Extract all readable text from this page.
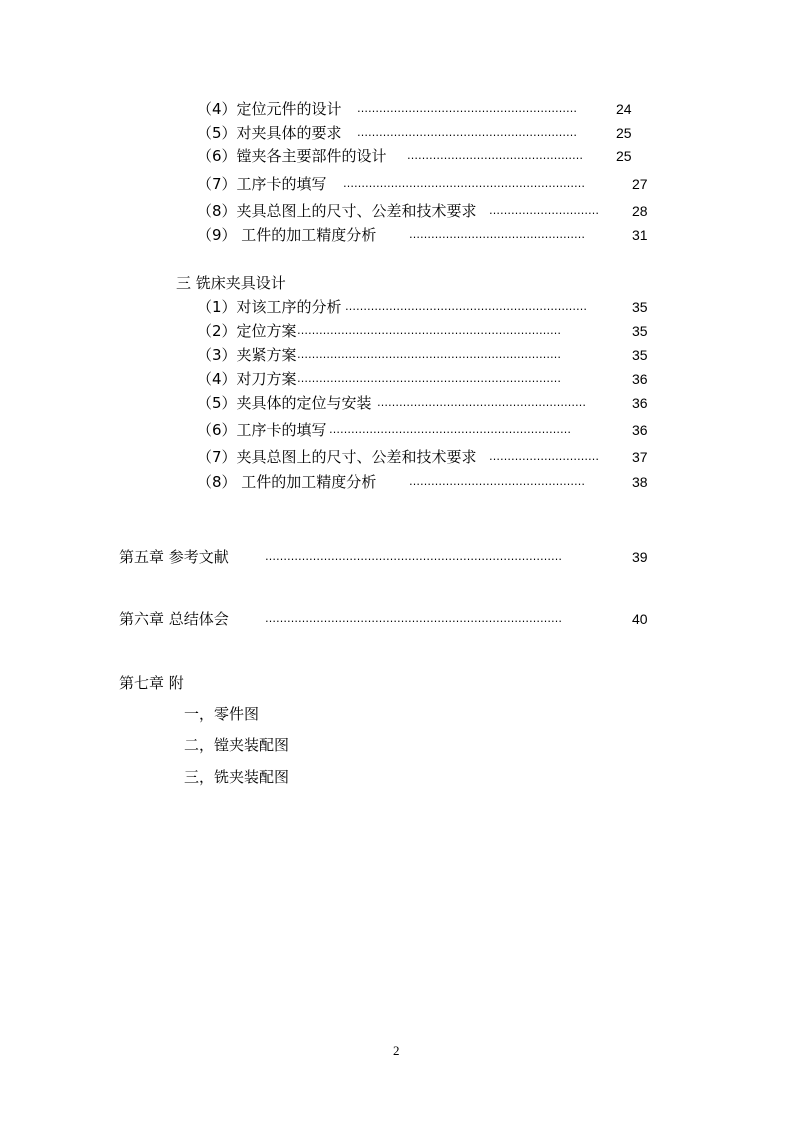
（4）定位元件的设计 ……………………………………………………	24
（5）对夹具体的要求 ……………………………………………………	25
（6）镗夹各主要部件的设计 …………………………………………	25
（7）工序卡的填写 …………………………………………………………	27
（8）夹具总图上的尺寸、公差和技术要求 …………………………	28
（9） 工件的加工精度分析	…………………………………………	31
三 铣床夹具设计
（1）对该工序的分析 …………………………………………………………	35
（2）定位方案 ………………………………………………………………	35
（3）夹紧方案 ………………………………………………………………	35
（4）对刀方案 ………………………………………………………………	36
（5）夹具体的定位与安装 …………………………………………………	36
（6）工序卡的填写 …………………………………………………………	36
（7）夹具总图上的尺寸、公差和技术要求 …………………………	37
（8） 工件的加工精度分析	…………………………………………	38
第五章 参考文献	………………………………………………………………………	39
第六章 总结体会	………………………………………………………………………	40
第七章 附
一，零件图
二，镗夹装配图
三，铣夹装配图
2
